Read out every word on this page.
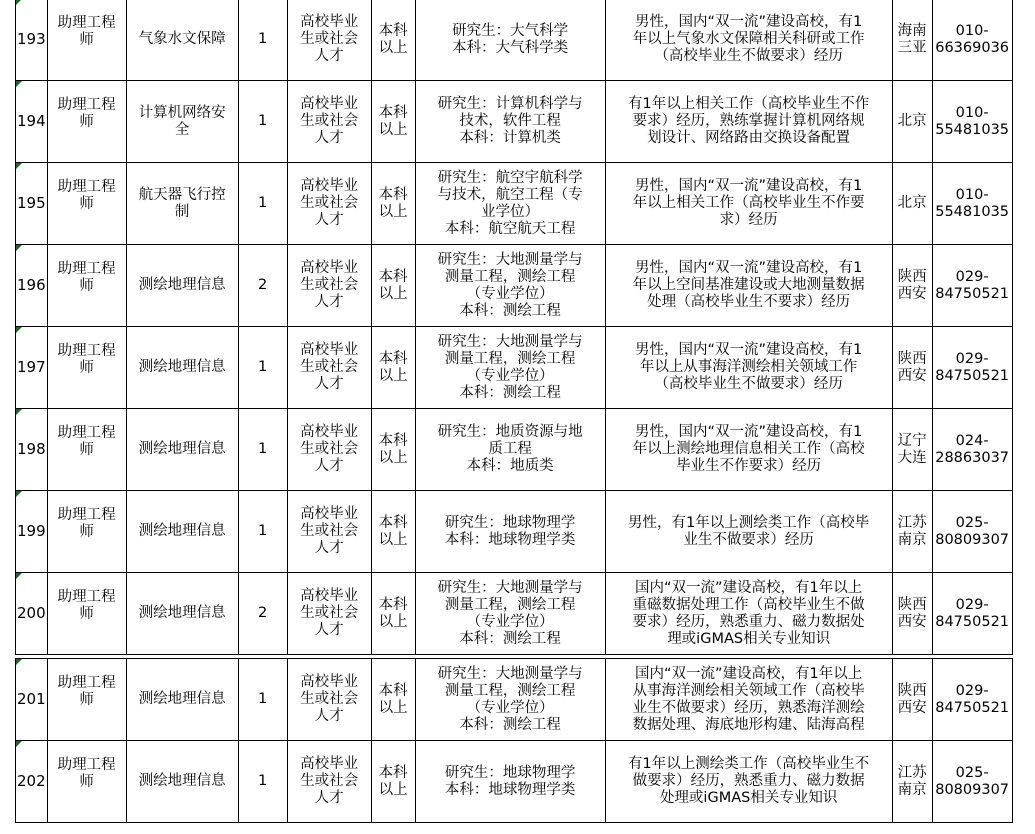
193	助理工程
师	气象水文保障	1	高校毕业
生或社会
人才	本科
以上	研究生：大气科学
本科：大气科学类	男性，国内“双一流”建设高校，有1
年以上气象水文保障相关科研或工作
（高校毕业生不做要求）经历	海南
三亚	010-
66369036

194	助理工程
师	计算机网络安
全	1	高校毕业
生或社会
人才	本科
以上	研究生：计算机科学与
技术，软件工程
本科：计算机类	有1年以上相关工作（高校毕业生不作
要求）经历，熟练掌握计算机网络规
划设计、网络路由交换设备配置	北京	010-
55481035

195	助理工程
师	航天器飞行控
制	1	高校毕业
生或社会
人才	本科
以上	研究生：航空宇航科学
与技术，航空工程（专
业学位）
本科：航空航天工程	男性，国内“双一流”建设高校，有1
年以上相关工作（高校毕业生不作要
求）经历	北京	010-
55481035

196	助理工程
师	测绘地理信息	2	高校毕业
生或社会
人才	本科
以上	研究生：大地测量学与
测量工程，测绘工程
（专业学位）
本科：测绘工程	男性，国内“双一流”建设高校，有1
年以上空间基准建设或大地测量数据
处理（高校毕业生不要求）经历	陕西
西安	029-
84750521

197	助理工程
师	测绘地理信息	1	高校毕业
生或社会
人才	本科
以上	研究生：大地测量学与
测量工程，测绘工程
（专业学位）
本科：测绘工程	男性，国内“双一流”建设高校，有1
年以上从事海洋测绘相关领域工作
（高校毕业生不做要求）经历	陕西
西安	029-
84750521

198	助理工程
师	测绘地理信息	1	高校毕业
生或社会
人才	本科
以上	研究生：地质资源与地
质工程
本科：地质类	男性，国内“双一流”建设高校，有1
年以上测绘地理信息相关工作（高校
毕业生不作要求）经历	辽宁
大连	024-
28863037

199	助理工程
师	测绘地理信息	1	高校毕业
生或社会
人才	本科
以上	研究生：地球物理学
本科：地球物理学类	男性，有1年以上测绘类工作（高校毕
业生不做要求）经历	江苏
南京	025-
80809307

200	助理工程
师	测绘地理信息	2	高校毕业
生或社会
人才	本科
以上	研究生：大地测量学与
测量工程，测绘工程
（专业学位）
本科：测绘工程	国内“双一流”建设高校，有1年以上
重磁数据处理工作（高校毕业生不做
要求）经历，熟悉重力、磁力数据处
理或iGMAS相关专业知识	陕西
西安	029-
84750521
201	助理工程
师	测绘地理信息	1	高校毕业
生或社会
人才	本科
以上	研究生：大地测量学与
测量工程，测绘工程
（专业学位）
本科：测绘工程	国内“双一流”建设高校，有1年以上
从事海洋测绘相关领域工作（高校毕
业生不做要求）经历，熟悉海洋测绘
数据处理、海底地形构建、陆海高程	陕西
西安	029-
84750521

202	助理工程
师	测绘地理信息	1	高校毕业
生或社会
人才	本科
以上	研究生：地球物理学
本科：地球物理学类	有1年以上测绘类工作（高校毕业生不
做要求）经历，熟悉重力、磁力数据
处理或iGMAS相关专业知识	江苏
南京	025-
80809307
